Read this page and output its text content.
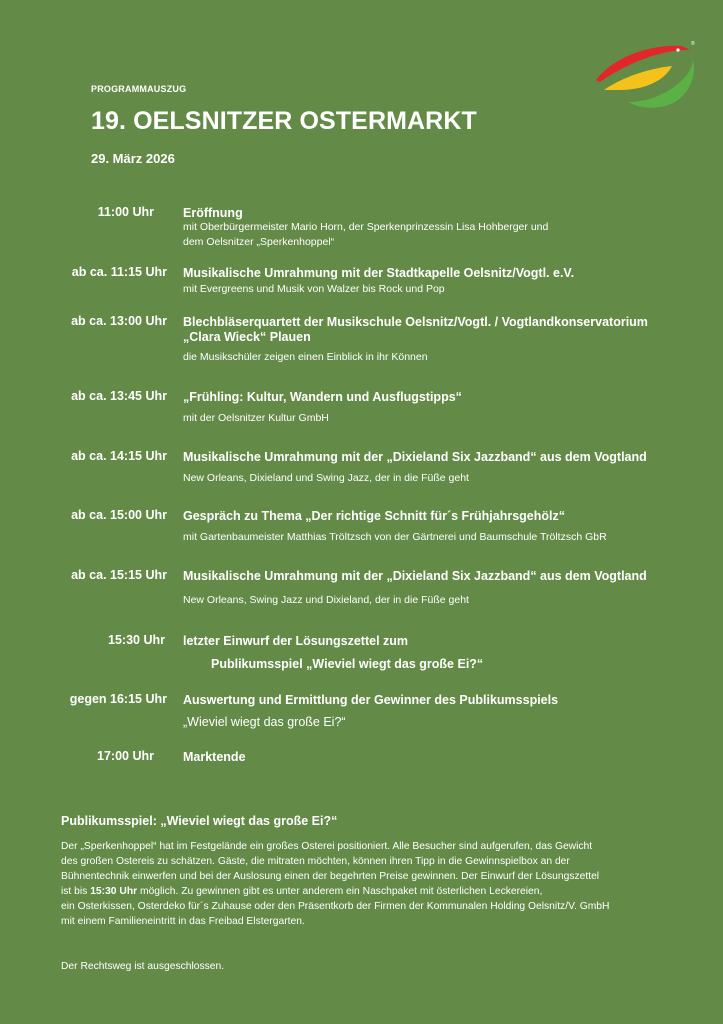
PROGRAMMAUSZUG
19. OELSNITZER OSTERMARKT
29. März 2026
®
11:00 Uhr Eröffnung
mit Oberbürgermeister Mario Horn, der Sperkenprinzessin Lisa Hohberger und
dem Oelsnitzer „Sperkenhoppel“
ab ca. 11:15 Uhr Musikalische Umrahmung mit der Stadtkapelle Oelsnitz/Vogtl. e.V.
mit Evergreens und Musik von Walzer bis Rock und Pop
ab ca. 13:00 Uhr Blechbläserquartett der Musikschule Oelsnitz/Vogtl. / Vogtlandkonservatorium
„Clara Wieck“ Plauen
die Musikschüler zeigen einen Einblick in ihr Können
ab ca. 13:45 Uhr „Frühling: Kultur, Wandern und Ausflugstipps“
mit der Oelsnitzer Kultur GmbH
ab ca. 14:15 Uhr Musikalische Umrahmung mit der „Dixieland Six Jazzband“ aus dem Vogtland
New Orleans, Dixieland und Swing Jazz, der in die Füße geht
ab ca. 15:00 Uhr Gespräch zu Thema „Der richtige Schnitt für´s Frühjahrsgehölz“
mit Gartenbaumeister Matthias Tröltzsch von der Gärtnerei und Baumschule Tröltzsch GbR
ab ca. 15:15 Uhr Musikalische Umrahmung mit der „Dixieland Six Jazzband“ aus dem Vogtland
New Orleans, Swing Jazz und Dixieland, der in die Füße geht
15:30 Uhr letzter Einwurf der Lösungszettel zum
Publikumsspiel „Wieviel wiegt das große Ei?“
gegen 16:15 Uhr Auswertung und Ermittlung der Gewinner des Publikumsspiels
„Wieviel wiegt das große Ei?“
17:00 Uhr Marktende
Publikumsspiel: „Wieviel wiegt das große Ei?“

Der „Sperkenhoppel“ hat im Festgelände ein großes Osterei positioniert. Alle Besucher sind aufgerufen, das Gewicht

des großen Ostereis zu schätzen. Gäste, die mitraten möchten, können ihren Tipp in die Gewinnspielbox an der

Bühnentechnik einwerfen und bei der Auslosung einen der begehrten Preise gewinnen. Der Einwurf der Lösungszettel

ist bis 15:30 Uhr möglich. Zu gewinnen gibt es unter anderem ein Naschpaket mit österlichen Leckereien,

ein Osterkissen, Osterdeko für´s Zuhause oder den Präsentkorb der Firmen der Kommunalen Holding Oelsnitz/V. GmbH

mit einem Familieneintritt in das Freibad Elstergarten.

Der Rechtsweg ist ausgeschlossen.
